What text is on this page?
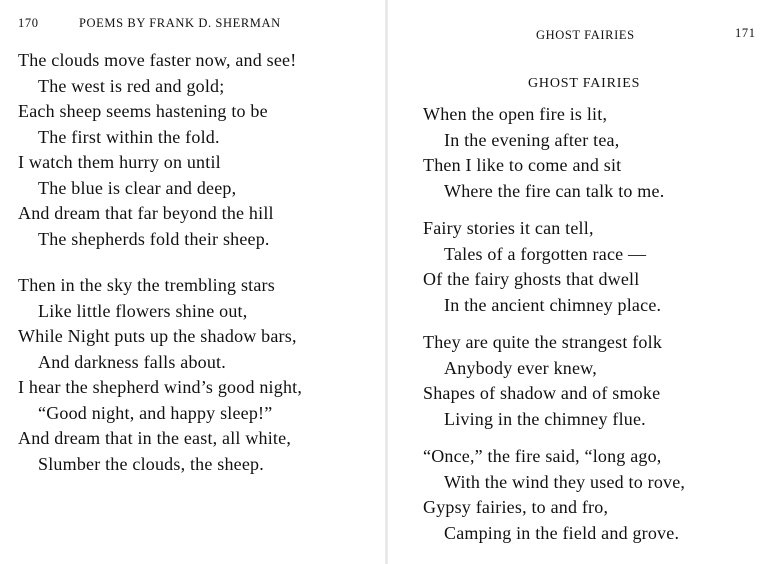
170	POEMS BY FRANK D. SHERMAN
The clouds move faster now, and see!
The west is red and gold;
Each sheep seems hastening to be
The first within the fold.
I watch them hurry on until
The blue is clear and deep,
And dream that far beyond the hill
The shepherds fold their sheep.
Then in the sky the trembling stars
Like little flowers shine out,
While Night puts up the shadow bars,
And darkness falls about.
I hear the shepherd wind’s good night,
“Good night, and happy sleep!”
And dream that in the east, all white,
Slumber the clouds, the sheep.
GHOST FAIRIES	171
GHOST FAIRIES
When the open fire is lit,
In the evening after tea,
Then I like to come and sit
Where the fire can talk to me.
Fairy stories it can tell,
Tales of a forgotten race —
Of the fairy ghosts that dwell
In the ancient chimney place.
They are quite the strangest folk
Anybody ever knew,
Shapes of shadow and of smoke
Living in the chimney flue.
“Once,” the fire said, “long ago,
With the wind they used to rove,
Gypsy fairies, to and fro,
Camping in the field and grove.
